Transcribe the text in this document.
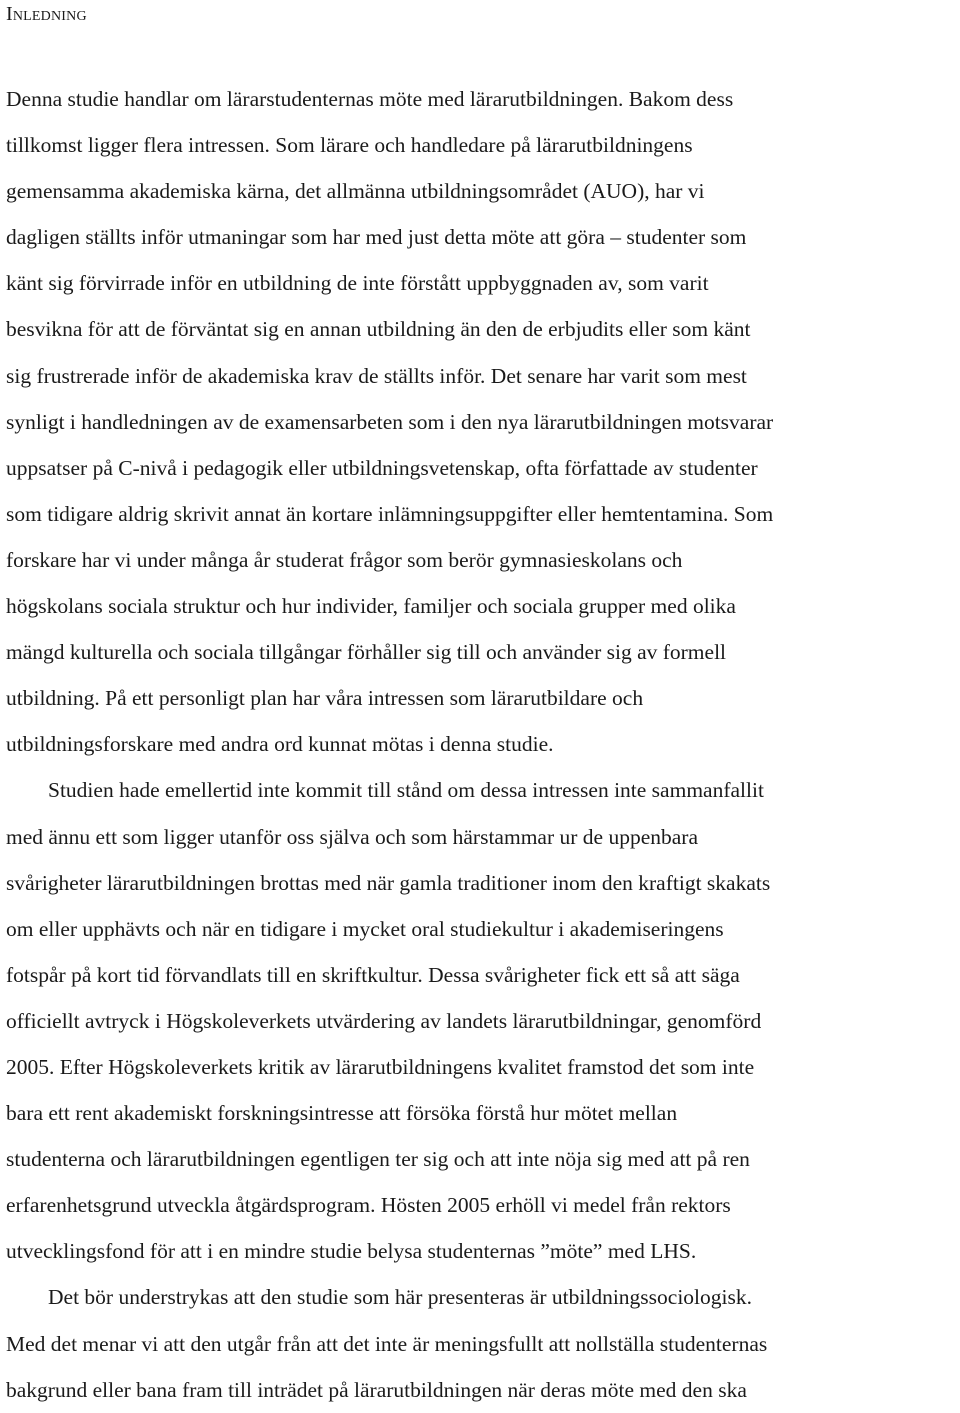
Inledning
Denna studie handlar om lärarstudenternas möte med lärarutbildningen. Bakom dess
tillkomst ligger flera intressen. Som lärare och handledare på lärarutbildningens
gemensamma akademiska kärna, det allmänna utbildningsområdet (AUO), har vi
dagligen ställts inför utmaningar som har med just detta möte att göra – studenter som
känt sig förvirrade inför en utbildning de inte förstått uppbyggnaden av, som varit
besvikna för att de förväntat sig en annan utbildning än den de erbjudits eller som känt
sig frustrerade inför de akademiska krav de ställts inför. Det senare har varit som mest
synligt i handledningen av de examensarbeten som i den nya lärarutbildningen motsvarar
uppsatser på C-nivå i pedagogik eller utbildningsvetenskap, ofta författade av studenter
som tidigare aldrig skrivit annat än kortare inlämningsuppgifter eller hemtentamina. Som
forskare har vi under många år studerat frågor som berör gymnasieskolans och
högskolans sociala struktur och hur individer, familjer och sociala grupper med olika
mängd kulturella och sociala tillgångar förhåller sig till och använder sig av formell
utbildning. På ett personligt plan har våra intressen som lärarutbildare och
utbildningsforskare med andra ord kunnat mötas i denna studie.
Studien hade emellertid inte kommit till stånd om dessa intressen inte sammanfallit
med ännu ett som ligger utanför oss själva och som härstammar ur de uppenbara
svårigheter lärarutbildningen brottas med när gamla traditioner inom den kraftigt skakats
om eller upphävts och när en tidigare i mycket oral studiekultur i akademiseringens
fotspår på kort tid förvandlats till en skriftkultur. Dessa svårigheter fick ett så att säga
officiellt avtryck i Högskoleverkets utvärdering av landets lärarutbildningar, genomförd
2005. Efter Högskoleverkets kritik av lärarutbildningens kvalitet framstod det som inte
bara ett rent akademiskt forskningsintresse att försöka förstå hur mötet mellan
studenterna och lärarutbildningen egentligen ter sig och att inte nöja sig med att på ren
erfarenhetsgrund utveckla åtgärdsprogram. Hösten 2005 erhöll vi medel från rektors
utvecklingsfond för att i en mindre studie belysa studenternas ”möte” med LHS.
Det bör understrykas att den studie som här presenteras är utbildningssociologisk.
Med det menar vi att den utgår från att det inte är meningsfullt att nollställa studenternas
bakgrund eller bana fram till inträdet på lärarutbildningen när deras möte med den ska
